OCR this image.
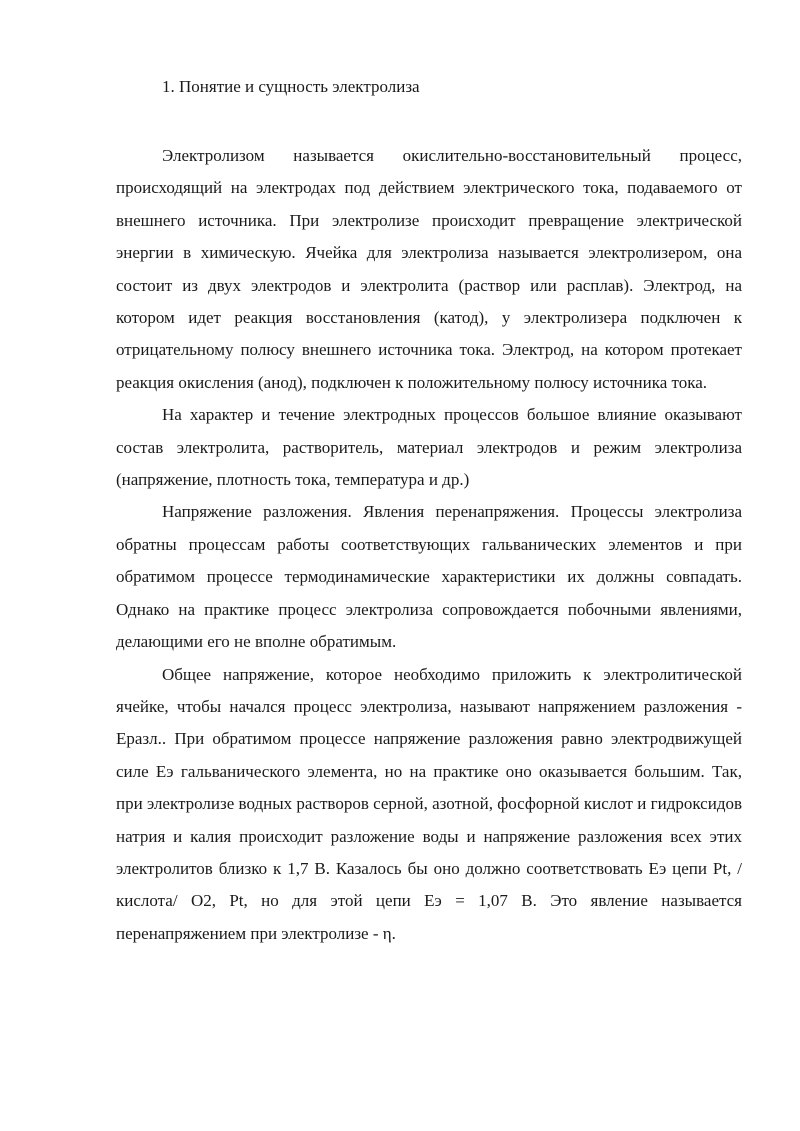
1. Понятие и сущность электролиза

Электролизом называется окислительно-восстановительный процесс, происходящий на электродах под действием электрического тока, подаваемого от внешнего источника. При электролизе происходит превращение электрической энергии в химическую. Ячейка для электролиза называется электролизером, она состоит из двух электродов и электролита (раствор или расплав). Электрод, на котором идет реакция восстановления (катод), у электролизера подключен к отрицательному полюсу внешнего источника тока. Электрод, на котором протекает реакция окисления (анод), подключен к положительному полюсу источника тока.

На характер и течение электродных процессов большое влияние оказывают состав электролита, растворитель, материал электродов и режим электролиза (напряжение, плотность тока, температура и др.)

Напряжение разложения. Явления перенапряжения. Процессы электролиза обратны процессам работы соответствующих гальванических элементов и при обратимом процессе термодинамические характеристики их должны совпадать. Однако на практике процесс электролиза сопровождается побочными явлениями, делающими его не вполне обратимым.

Общее напряжение, которое необходимо приложить к электролитической ячейке, чтобы начался процесс электролиза, называют напряжением разложения - Еразл.. При обратимом процессе напряжение разложения равно электродвижущей силе Еэ гальванического элемента, но на практике оно оказывается большим. Так, при электролизе водных растворов серной, азотной, фосфорной кислот и гидроксидов натрия и калия происходит разложение воды и напряжение разложения всех этих электролитов близко к 1,7 В. Казалось бы оно должно соответствовать Еэ цепи Pt, /кислота/ O2, Pt, но для этой цепи Еэ = 1,07 В. Это явление называется перенапряжением при электролизе - η.
